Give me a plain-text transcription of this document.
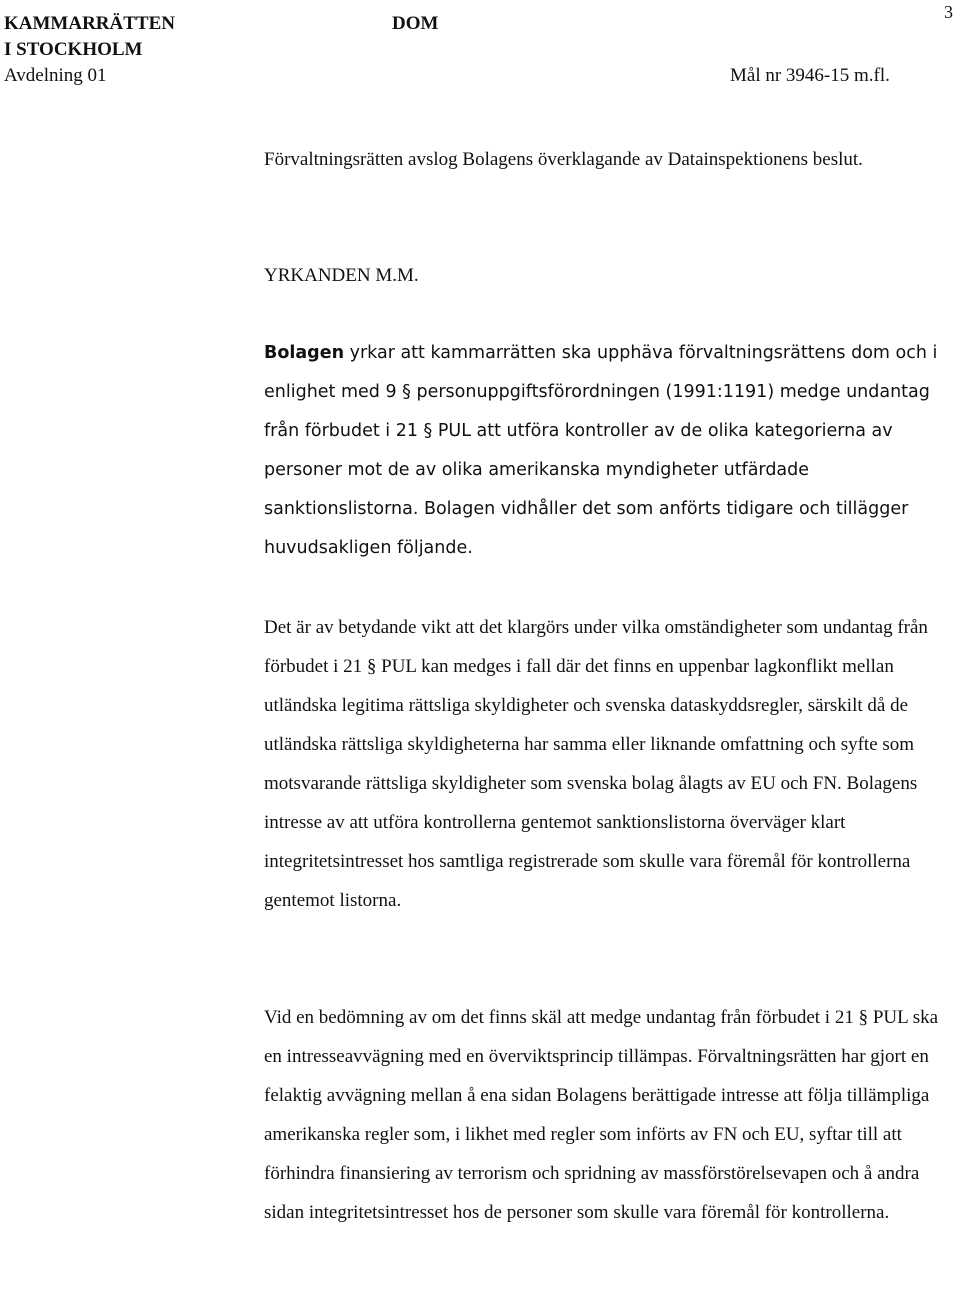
KAMMARRÄTTEN
I STOCKHOLM
Avdelning 01
DOM
Mål nr 3946-15 m.fl.
3
Förvaltningsrätten avslog Bolagens överklagande av Datainspektionens beslut.
YRKANDEN M.M.
Bolagen yrkar att kammarrätten ska upphäva förvaltningsrättens dom och i enlighet med 9 § personuppgiftsförordningen (1991:1191) medge undantag från förbudet i 21 § PUL att utföra kontroller av de olika kategorierna av personer mot de av olika amerikanska myndigheter utfärdade sanktionslistorna. Bolagen vidhåller det som anförts tidigare och tillägger huvudsakligen följande.
Det är av betydande vikt att det klargörs under vilka omständigheter som undantag från förbudet i 21 § PUL kan medges i fall där det finns en uppenbar lagkonflikt mellan utländska legitima rättsliga skyldigheter och svenska dataskyddsregler, särskilt då de utländska rättsliga skyldigheterna har samma eller liknande omfattning och syfte som motsvarande rättsliga skyldigheter som svenska bolag ålagts av EU och FN. Bolagens intresse av att utföra kontrollerna gentemot sanktionslistorna överväger klart integritetsintresset hos samtliga registrerade som skulle vara föremål för kontrollerna gentemot listorna.
Vid en bedömning av om det finns skäl att medge undantag från förbudet i 21 § PUL ska en intresseavvägning med en överviktsprincip tillämpas. Förvaltningsrätten har gjort en felaktig avvägning mellan å ena sidan Bolagens berättigade intresse att följa tillämpliga amerikanska regler som, i likhet med regler som införts av FN och EU, syftar till att förhindra finansiering av terrorism och spridning av massförstörelsevapen och å andra sidan integritetsintresset hos de personer som skulle vara föremål för kontrollerna.
